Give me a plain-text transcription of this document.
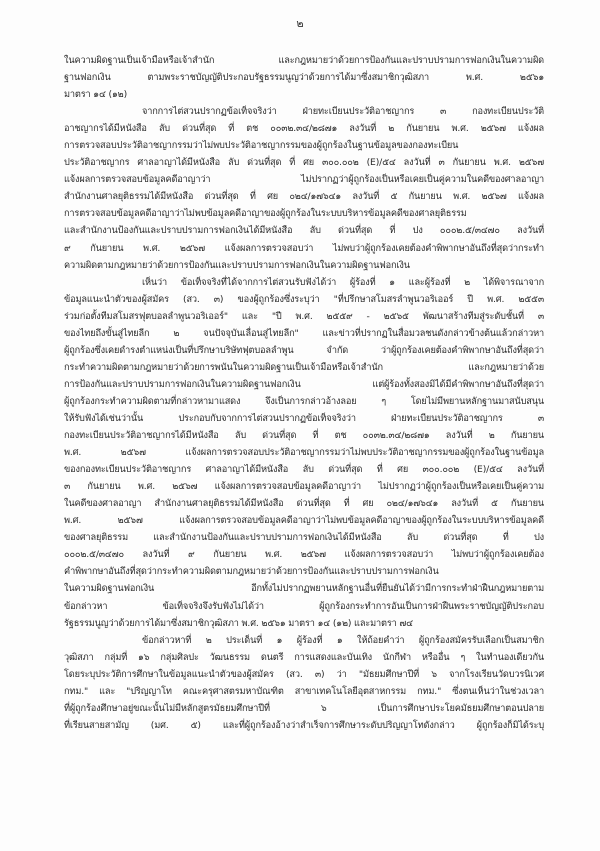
๒
ในความผิดฐานเป็นเจ้ามือหรือเจ้าสำนัก และกฎหมายว่าด้วยการป้องกันและปราบปรามการฟอกเงินในความผิด
ฐานฟอกเงิน ตามพระราชบัญญัติประกอบรัฐธรรมนูญว่าด้วยการได้มาซึ่งสมาชิกวุฒิสภา พ.ศ. ๒๕๖๑
มาตรา ๑๔ (๑๒)
จากการไต่สวนปรากฏข้อเท็จจริงว่า ฝ่ายทะเบียนประวัติอาชญากร ๓ กองทะเบียนประวัติ
อาชญากรได้มีหนังสือ ลับ ด่วนที่สุด ที่ ตช ๐๐๓๒.๓๔/๒๘๗๑ ลงวันที่ ๒ กันยายน พ.ศ. ๒๕๖๗ แจ้งผล
การตรวจสอบประวัติอาชญากรรมว่าไม่พบประวัติอาชญากรรมของผู้ถูกร้องในฐานข้อมูลของกองทะเบียน
ประวัติอาชญากร ศาลอาญาได้มีหนังสือ ลับ ด่วนที่สุด ที่ ศย ๓๐๐.๐๐๒ (E)/๕๔ ลงวันที่ ๓ กันยายน พ.ศ. ๒๕๖๗
แจ้งผลการตรวจสอบข้อมูลคดีอาญาว่า ไม่ปรากฏว่าผู้ถูกร้องเป็นหรือเคยเป็นคู่ความในคดีของศาลอาญา
สำนักงานศาลยุติธรรมได้มีหนังสือ ด่วนที่สุด ที่ ศย ๐๒๔/๑๗๖๔๑ ลงวันที่ ๕ กันยายน พ.ศ. ๒๕๖๗ แจ้งผล
การตรวจสอบข้อมูลคดีอาญาว่าไม่พบข้อมูลคดีอาญาของผู้ถูกร้องในระบบบริหารข้อมูลคดีของศาลยุติธรรม
และสำนักงานป้องกันและปราบปรามการฟอกเงินได้มีหนังสือ ลับ ด่วนที่สุด ที่ ปง ๐๐๐๒.๕/๓๔๗๐ ลงวันที่
๙ กันยายน พ.ศ. ๒๕๖๗ แจ้งผลการตรวจสอบว่า ไม่พบว่าผู้ถูกร้องเคยต้องคำพิพากษาอันถึงที่สุดว่ากระทำ
ความผิดตามกฎหมายว่าด้วยการป้องกันและปราบปรามการฟอกเงินในความผิดฐานฟอกเงิน
เห็นว่า ข้อเท็จจริงที่ได้จากการไต่สวนรับฟังได้ว่า ผู้ร้องที่ ๑ และผู้ร้องที่ ๒ ได้พิจารณาจาก
ข้อมูลแนะนำตัวของผู้สมัคร (สว. ๓) ของผู้ถูกร้องซึ่งระบุว่า "ที่ปรึกษาสโมสรลำพูนวอริเออร์ ปี พ.ศ. ๒๕๕๓
ร่วมก่อตั้งทีมสโมสรฟุตบอลลำพูนวอริเออร์" และ "ปี พ.ศ. ๒๕๕๙ - ๒๕๖๕ พัฒนาสร้างทีมสู่ระดับชั้นที่ ๓
ของไทยถึงขั้นสู่ไทยลีก ๒ จนปัจจุบันเลื่อนสู่ไทยลีก" และข่าวที่ปรากฏในสื่อมวลชนดังกล่าวข้างต้นแล้วกล่าวหา
ผู้ถูกร้องซึ่งเคยดำรงตำแหน่งเป็นที่ปรึกษาบริษัทฟุตบอลลำพูน จำกัด ว่าผู้ถูกร้องเคยต้องคำพิพากษาอันถึงที่สุดว่า
กระทำความผิดตามกฎหมายว่าด้วยการพนันในความผิดฐานเป็นเจ้ามือหรือเจ้าสำนัก และกฎหมายว่าด้วย
การป้องกันและปราบปรามการฟอกเงินในความผิดฐานฟอกเงิน แต่ผู้ร้องทั้งสองมิได้มีคำพิพากษาอันถึงที่สุดว่า
ผู้ถูกร้องกระทำความผิดตามที่กล่าวหามาแสดง จึงเป็นการกล่าวอ้างลอย ๆ โดยไม่มีพยานหลักฐานมาสนับสนุน
ให้รับฟังได้เช่นว่านั้น ประกอบกับจากการไต่สวนปรากฏข้อเท็จจริงว่า ฝ่ายทะเบียนประวัติอาชญากร ๓
กองทะเบียนประวัติอาชญากรได้มีหนังสือ ลับ ด่วนที่สุด ที่ ตช ๐๐๓๒.๓๔/๒๘๗๑ ลงวันที่ ๒ กันยายน
พ.ศ. ๒๕๖๗ แจ้งผลการตรวจสอบประวัติอาชญากรรมว่าไม่พบประวัติอาชญากรรมของผู้ถูกร้องในฐานข้อมูล
ของกองทะเบียนประวัติอาชญากร ศาลอาญาได้มีหนังสือ ลับ ด่วนที่สุด ที่ ศย ๓๐๐.๐๐๒ (E)/๕๔ ลงวันที่
๓ กันยายน พ.ศ. ๒๕๖๗ แจ้งผลการตรวจสอบข้อมูลคดีอาญาว่า ไม่ปรากฏว่าผู้ถูกร้องเป็นหรือเคยเป็นคู่ความ
ในคดีของศาลอาญา สำนักงานศาลยุติธรรมได้มีหนังสือ ด่วนที่สุด ที่ ศย ๐๒๔/๑๗๖๔๑ ลงวันที่ ๕ กันยายน
พ.ศ. ๒๕๖๗ แจ้งผลการตรวจสอบข้อมูลคดีอาญาว่าไม่พบข้อมูลคดีอาญาของผู้ถูกร้องในระบบบริหารข้อมูลคดี
ของศาลยุติธรรม และสำนักงานป้องกันและปราบปรามการฟอกเงินได้มีหนังสือ ลับ ด่วนที่สุด ที่ ปง
๐๐๐๒.๕/๓๔๗๐ ลงวันที่ ๙ กันยายน พ.ศ. ๒๕๖๗ แจ้งผลการตรวจสอบว่า ไม่พบว่าผู้ถูกร้องเคยต้อง
คำพิพากษาอันถึงที่สุดว่ากระทำความผิดตามกฎหมายว่าด้วยการป้องกันและปราบปรามการฟอกเงิน
ในความผิดฐานฟอกเงิน อีกทั้งไม่ปรากฏพยานหลักฐานอื่นที่ยืนยันได้ว่ามีการกระทำฝ่าฝืนกฎหมายตาม
ข้อกล่าวหา ข้อเท็จจริงจึงรับฟังไม่ได้ว่า ผู้ถูกร้องกระทำการอันเป็นการฝ่าฝืนพระราชบัญญัติประกอบ
รัฐธรรมนูญว่าด้วยการได้มาซึ่งสมาชิกวุฒิสภา พ.ศ. ๒๕๖๑ มาตรา ๑๔ (๑๒) และมาตรา ๗๔
ข้อกล่าวหาที่ ๒ ประเด็นที่ ๑ ผู้ร้องที่ ๑ ให้ถ้อยคำว่า ผู้ถูกร้องสมัครรับเลือกเป็นสมาชิก
วุฒิสภา กลุ่มที่ ๑๖ กลุ่มศิลปะ วัฒนธรรม ดนตรี การแสดงและบันเทิง นักกีฬา หรืออื่น ๆ ในทำนองเดียวกัน
โดยระบุประวัติการศึกษาในข้อมูลแนะนำตัวของผู้สมัคร (สว. ๓) ว่า "มัธยมศึกษาปีที่ ๖ จากโรงเรียนวัดบวรนิเวศ
กทม." และ "ปริญญาโท คณะครุศาสตรมหาบัณฑิต สาขาเทคโนโลยีอุตสาหกรรม กทม." ซึ่งตนเห็นว่าในช่วงเวลา
ที่ผู้ถูกร้องศึกษาอยู่ขณะนั้นไม่มีหลักสูตรมัธยมศึกษาปีที่ ๖ เป็นการศึกษาประโยคมัธยมศึกษาตอนปลาย
ที่เรียนสายสามัญ (มศ. ๕) และที่ผู้ถูกร้องอ้างว่าสำเร็จการศึกษาระดับปริญญาโทดังกล่าว ผู้ถูกร้องก็มิได้ระบุ
